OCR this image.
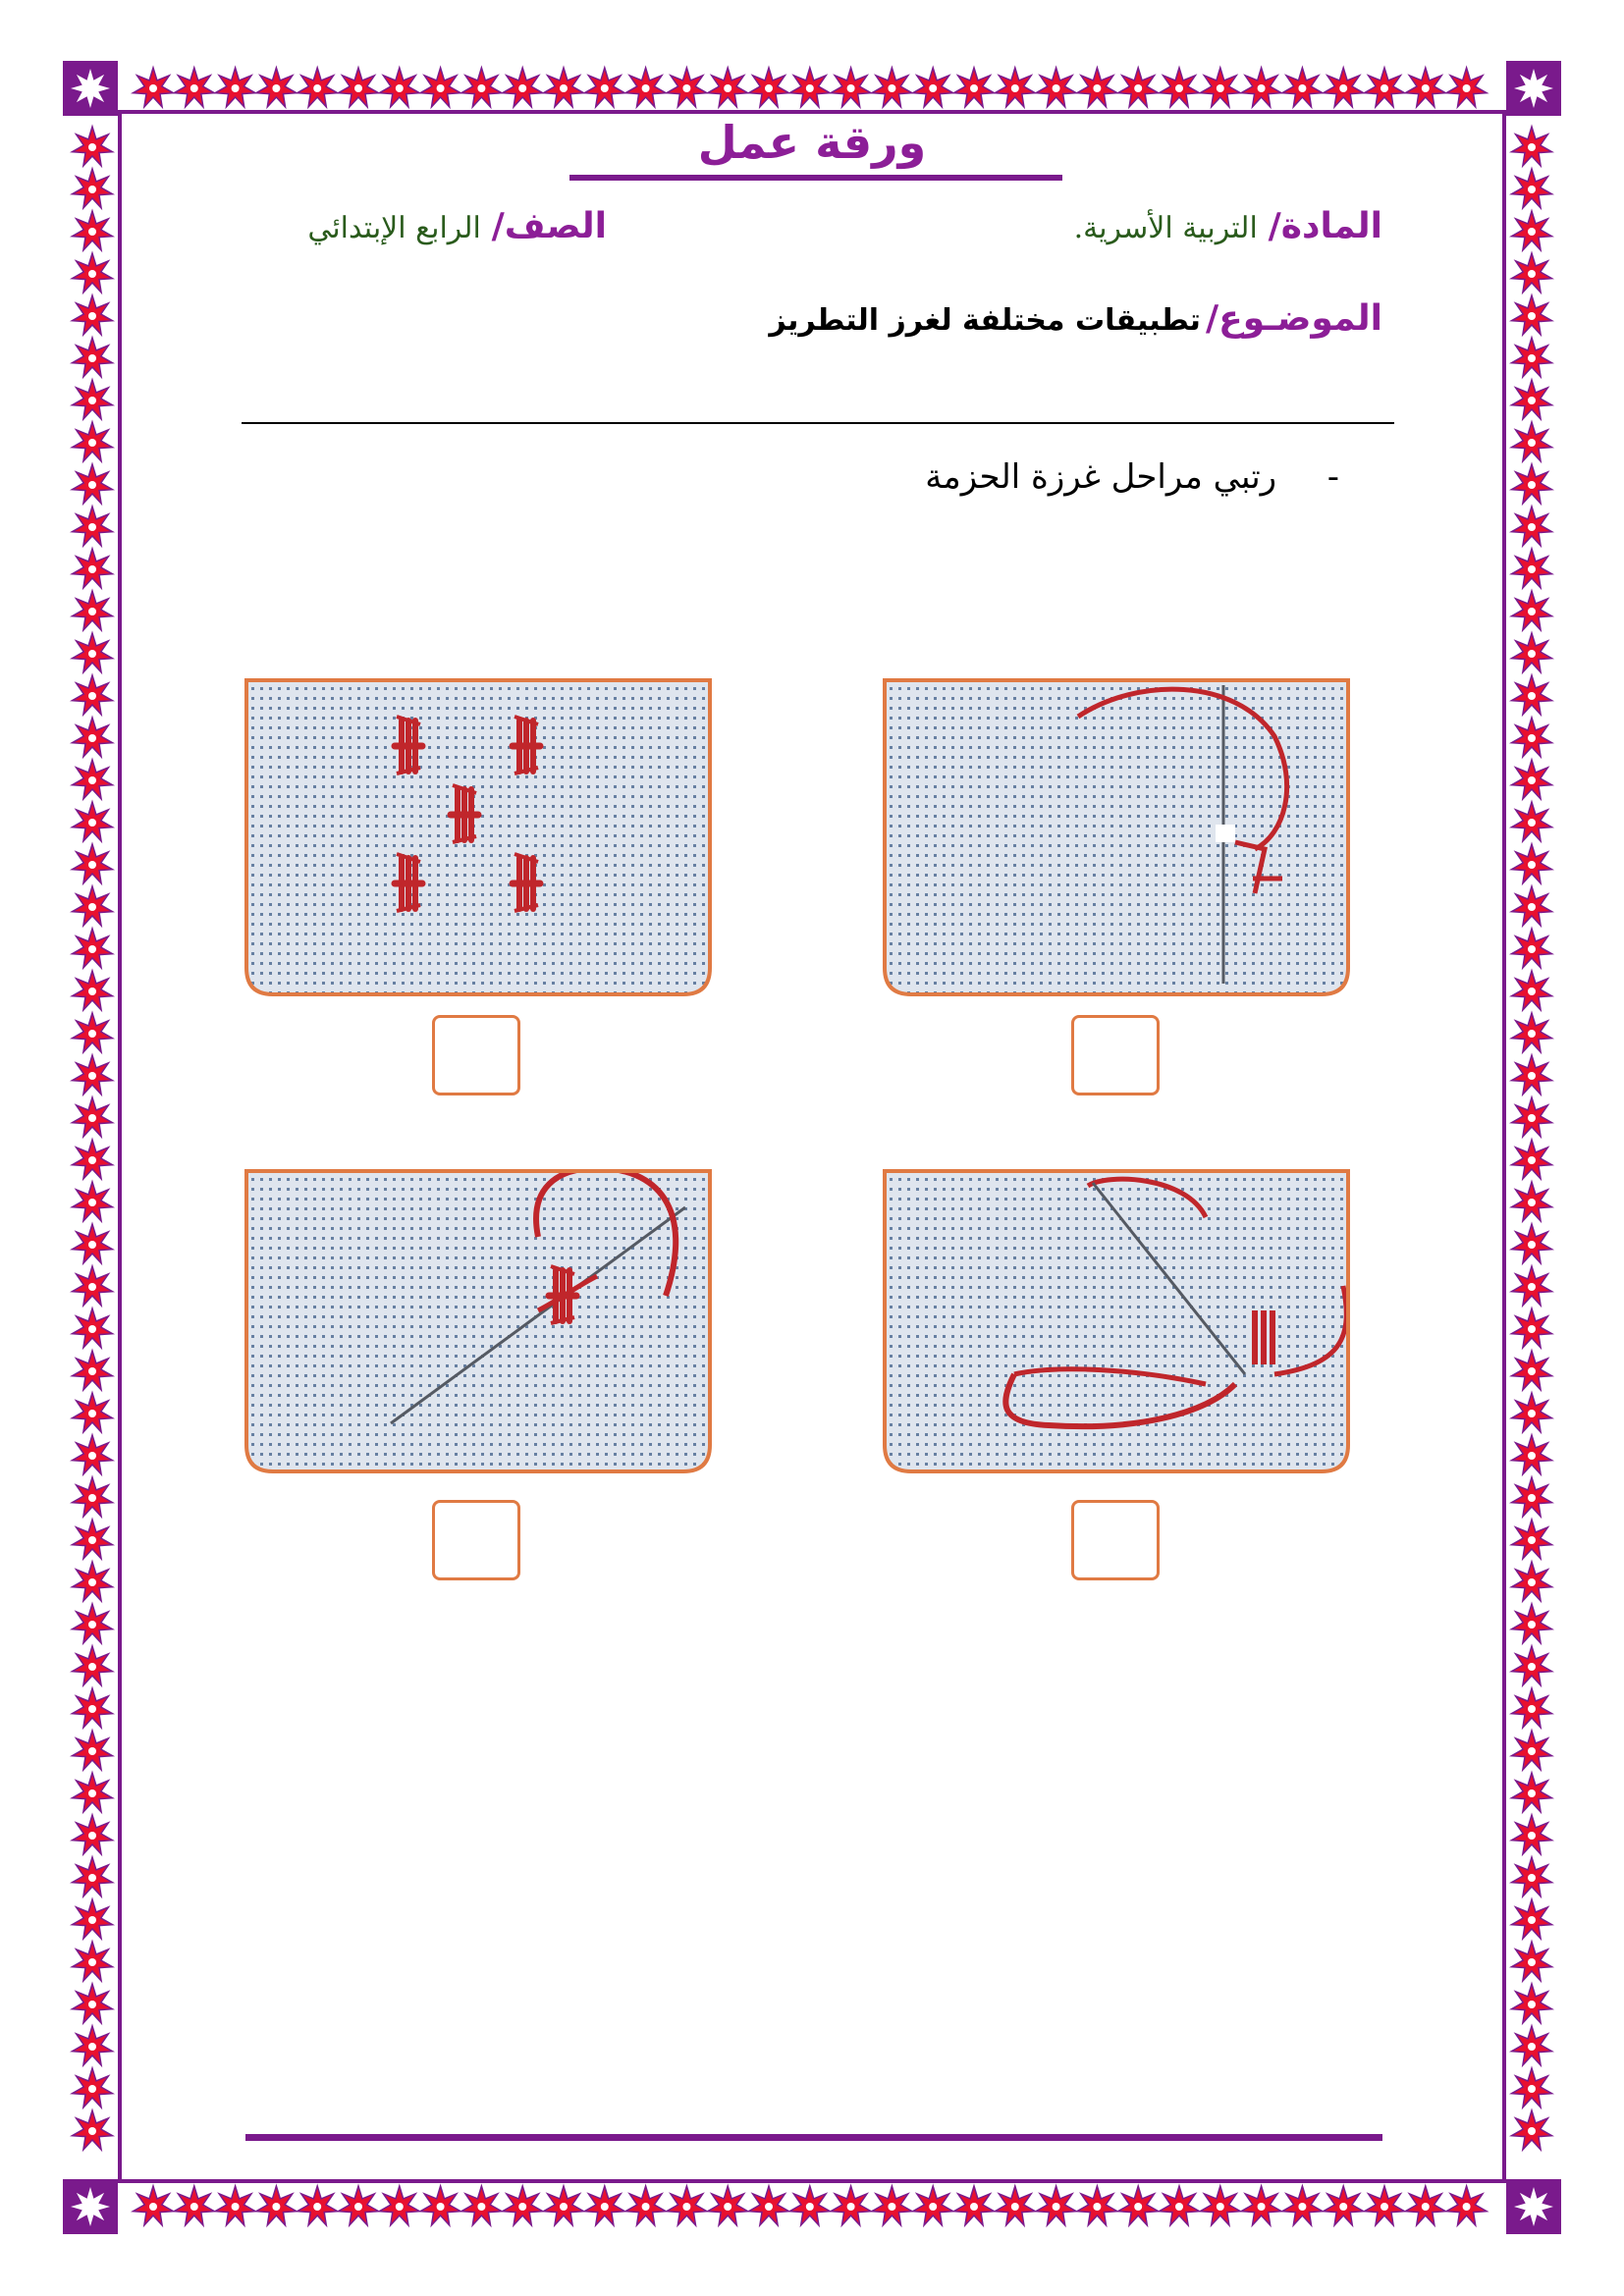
ورقة عمل
المادة/ التربية الأسرية.
الصف/ الرابع الإبتدائي
الموضـوع/ تطبيقات مختلفة لغرز التطريز
-  رتبي مراحل غرزة الحزمة
